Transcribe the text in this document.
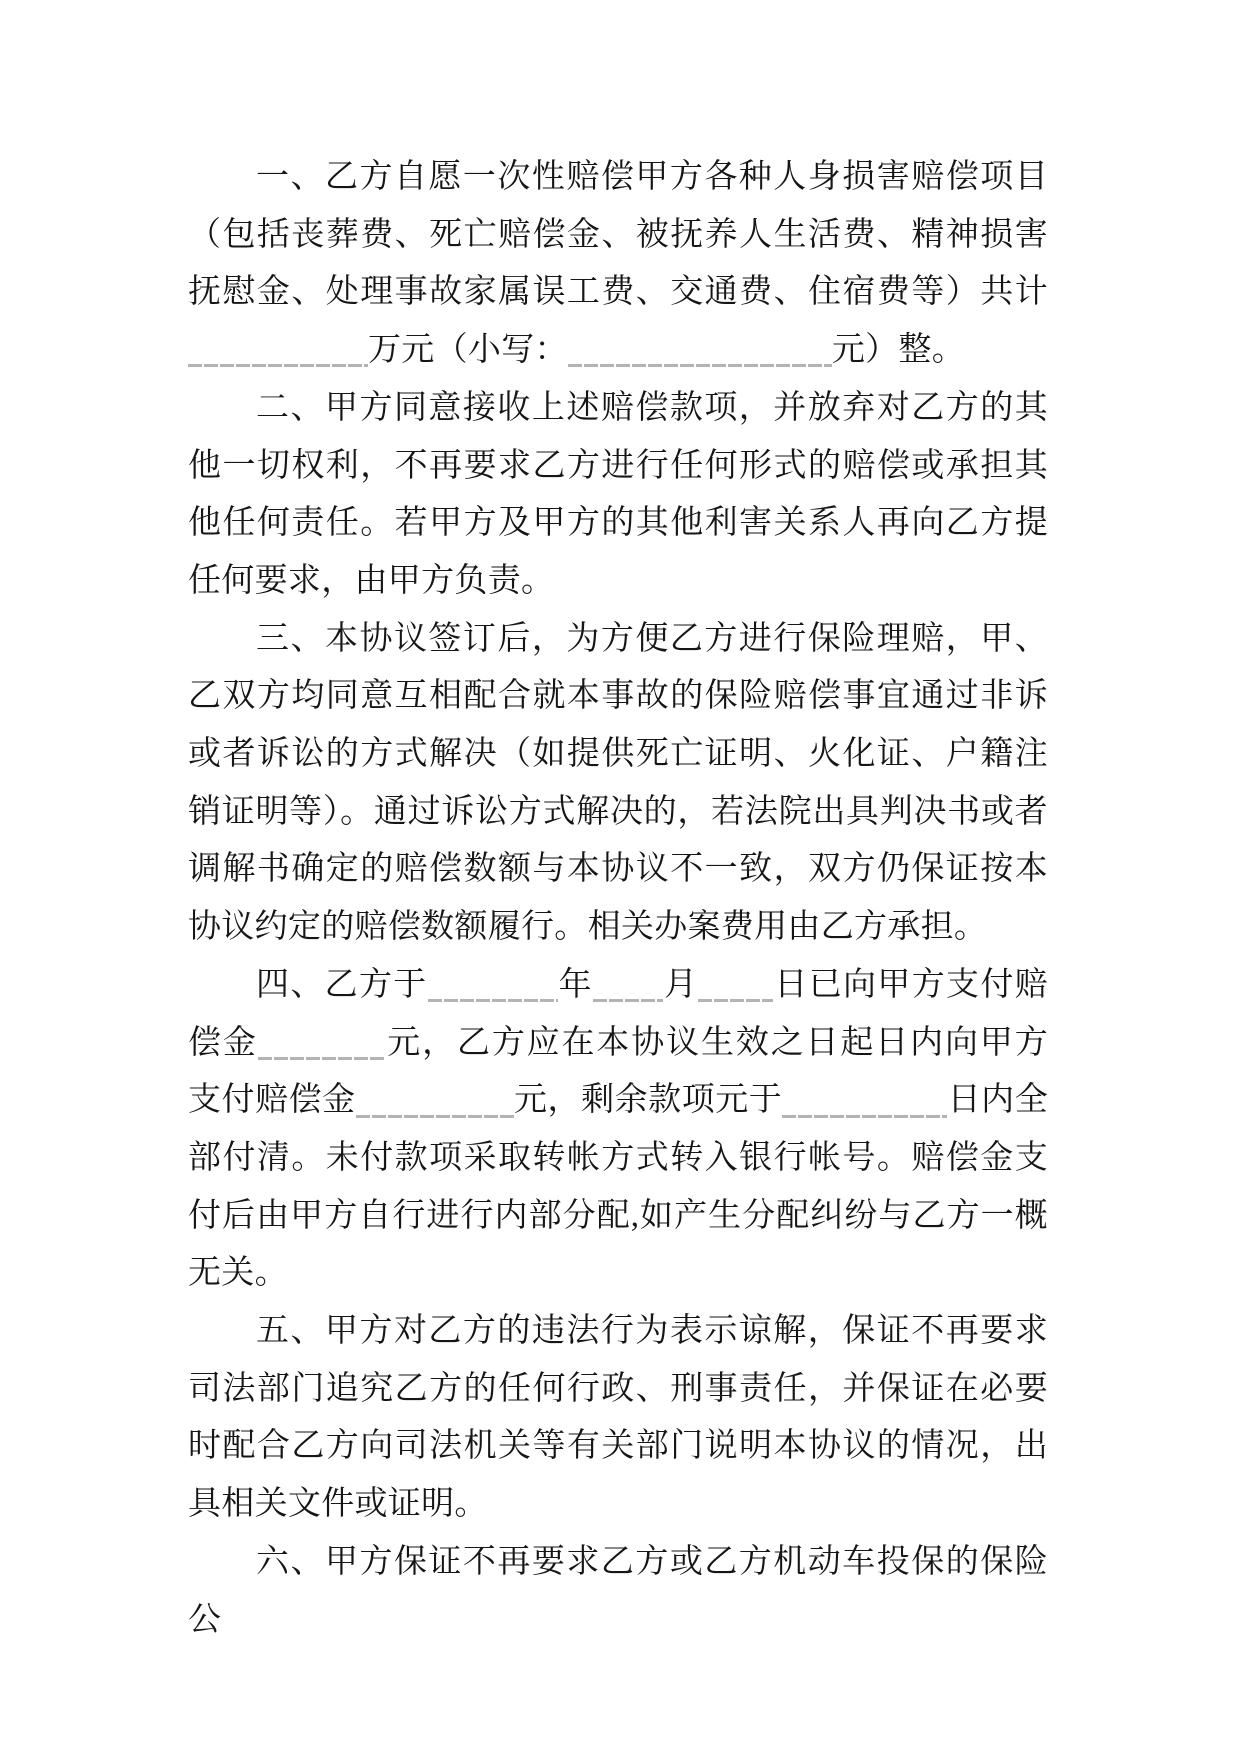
一、乙方自愿一次性赔偿甲方各种人身损害赔偿项目（包括丧葬费、死亡赔偿金、被抚养人生活费、精神损害抚慰金、处理事故家属误工费、交通费、住宿费等）共计万元（小写：	元）整。

二、甲方同意接收上述赔偿款项，并放弃对乙方的其他一切权利，不再要求乙方进行任何形式的赔偿或承担其他任何责任。若甲方及甲方的其他利害关系人再向乙方提任何要求，由甲方负责。

三、本协议签订后，为方便乙方进行保险理赔，甲、乙双方均同意互相配合就本事故的保险赔偿事宜通过非诉或者诉讼的方式解决（如提供死亡证明、火化证、户籍注销证明等）。通过诉讼方式解决的，若法院出具判决书或者调解书确定的赔偿数额与本协议不一致，双方仍保证按本协议约定的赔偿数额履行。相关办案费用由乙方承担。

四、乙方于	年 月 日已向甲方支付赔偿金	元，乙方应在本协议生效之日起日内向甲方支付赔偿金	元，剩余款项元于	日内全部付清。未付款项采取转帐方式转入银行帐号。赔偿金支付后由甲方自行进行内部分配,如产生分配纠纷与乙方一概无关。

五、甲方对乙方的违法行为表示谅解，保证不再要求司法部门追究乙方的任何行政、刑事责任，并保证在必要时配合乙方向司法机关等有关部门说明本协议的情况，出具相关文件或证明。

六、甲方保证不再要求乙方或乙方机动车投保的保险公
